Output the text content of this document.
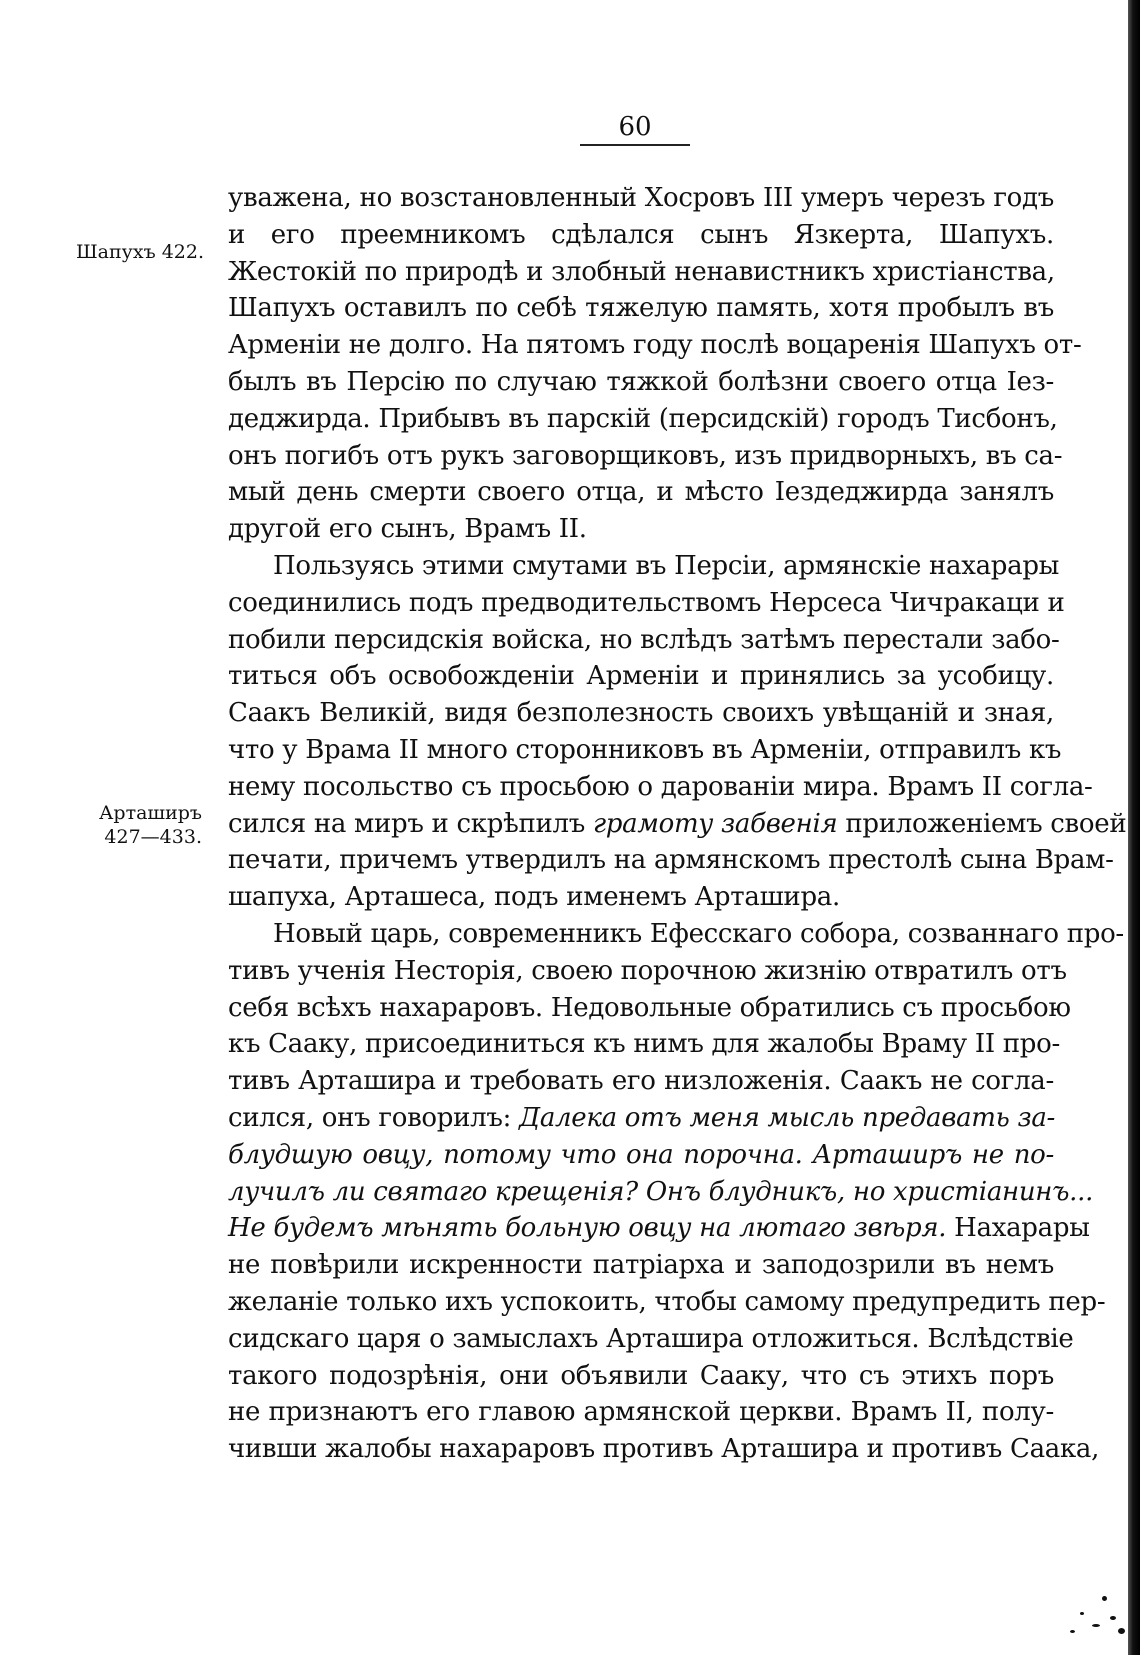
60
Шапухъ 422.
Арташиръ
427—433.
уважена, но возстановленный Хосровъ III умеръ черезъ годъ
и его преемникомъ сдѣлался сынъ Язкерта, Шапухъ.
Жестокій по природѣ и злобный ненавистникъ христіанства,
Шапухъ оставилъ по себѣ тяжелую память, хотя пробылъ въ
Арменіи не долго. На пятомъ году послѣ воцаренія Шапухъ от-
былъ въ Персію по случаю тяжкой болѣзни своего отца Іез-
деджирда. Прибывъ въ парскій (персидскій) городъ Тисбонъ,
онъ погибъ отъ рукъ заговорщиковъ, изъ придворныхъ, въ са-
мый день смерти своего отца, и мѣсто Іездеджирда занялъ
другой его сынъ, Врамъ II.
Пользуясь этими смутами въ Персіи, армянскіе нахарары
соединились подъ предводительствомъ Нерсеса Чичракаци и
побили персидскія войска, но вслѣдъ затѣмъ перестали забо-
титься объ освобожденіи Арменіи и принялись за усобицу.
Саакъ Великій, видя безполезность своихъ увѣщаній и зная,
что у Врама II много сторонниковъ въ Арменіи, отправилъ къ
нему посольство съ просьбою о дарованіи мира. Врамъ II согла-
сился на миръ и скрѣпилъ грамоту забвенія приложеніемъ своей
печати, причемъ утвердилъ на армянскомъ престолѣ сына Врам-
шапуха, Арташеса, подъ именемъ Арташира.
Новый царь, современникъ Ефесскаго собора, созваннаго про-
тивъ ученія Несторія, своею порочною жизнію отвратилъ отъ
себя всѣхъ нахараровъ. Недовольные обратились съ просьбою
къ Сааку, присоединиться къ нимъ для жалобы Враму II про-
тивъ Арташира и требовать его низложенія. Саакъ не согла-
сился, онъ говорилъ: Далека отъ меня мысль предавать за-
блудшую овцу, потому что она порочна. Арташиръ не по-
лучилъ ли святаго крещенія? Онъ блудникъ, но христіанинъ...
Не будемъ мѣнять больную овцу на лютаго звѣря. Нахарары
не повѣрили искренности патріарха и заподозрили въ немъ
желаніе только ихъ успокоить, чтобы самому предупредить пер-
сидскаго царя о замыслахъ Арташира отложиться. Вслѣдствіе
такого подозрѣнія, они объявили Сааку, что съ этихъ поръ
не признаютъ его главою армянской церкви. Врамъ II, полу-
чивши жалобы нахараровъ противъ Арташира и противъ Саака,
